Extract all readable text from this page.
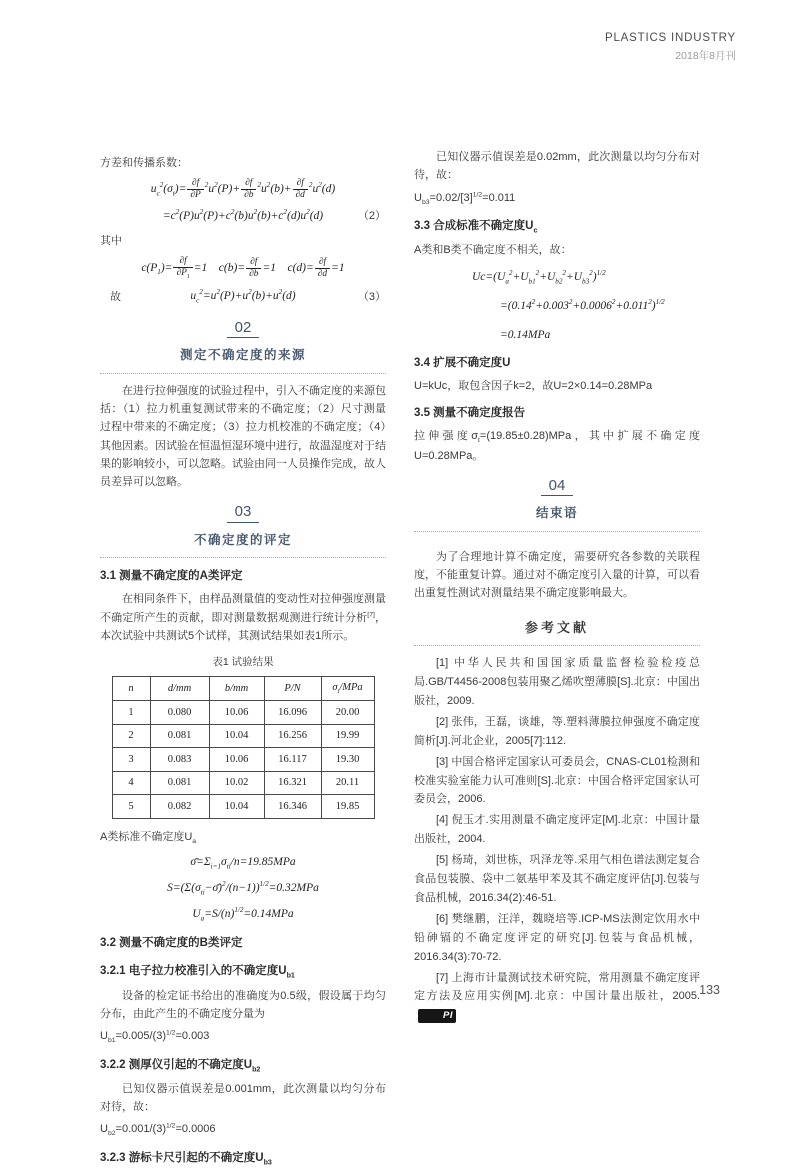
PLASTICS INDUSTRY
2018年8月刊

方差和传播系数：

$u_c^2(\sigma_t)= \frac{\partial f}{\partial P} ^2u^2(P)+ \frac{\partial f}{\partial b} ^2u^2(b)+ \frac{\partial f}{\partial d} ^2u^2(d)$
$=c^2(P)u^2(P)+c^2(b)u^2(b)+c^2(d)u^2(d)$	（2）

其中

$c(P_1)= \frac{\partial f}{\partial P_1} =1$　$c(b)= \frac{\partial f}{\partial b} =1$　$c(d)= \frac{\partial f}{\partial d} =1$
故	$u_c^2=u^2(P)+u^2(b)+u^2(d)$	（3）
02
测定不确定度的来源

在进行拉伸强度的试验过程中，引入不确定度的来源包括：（1）拉力机重复测试带来的不确定度；（2）尺寸测量过程中带来的不确定度；（3）拉力机校准的不确定度；（4）其他因素。因试验在恒温恒湿环境中进行，故温湿度对于结果的影响较小，可以忽略。试验由同一人员操作完成，故人员差异可以忽略。

03
不确定度的评定

3.1 测量不确定度的A类评定

在相同条件下，由样品测量值的变动性对拉伸强度测量不确定所产生的贡献，即对测量数据观测进行统计分析[7]，本次试验中共测试5个试样，其测试结果如表1所示。

表1 试验结果
n	d/mm	b/mm	P/N	$\sigma_t$/MPa
1	0.080	10.06	16.096	20.00
2	0.081	10.04	16.256	19.99
3	0.083	10.06	16.117	19.30
4	0.081	10.02	16.321	20.11
5	0.082	10.04	16.346	19.85

A类标准不确定度$U_a$

$\sigmā=\Sigma_{i=1}\sigma_{ti}/n=19.85MPa$
$S=(\Sigma(\sigma_{ti}-\sigmā)^2/(n-1))^{1/2}=0.32MPa$
$U_a=S/(n)^{1/2}=0.14MPa$

3.2 测量不确定度的B类评定

3.2.1 电子拉力校准引入的不确定度$U_{b1}$

设备的检定证书给出的准确度为0.5级，假设属于均匀分布，由此产生的不确定度分量为

$U_{b1}=0.005/(3)^{1/2}=0.003$

3.2.2 测厚仪引起的不确定度$U_{b2}$

已知仪器示值误差是0.001mm，此次测量以均匀分布对待，故：

$U_{b2}=0.001/(3)^{1/2}=0.0006$

3.2.3 游标卡尺引起的不确定度$U_{b3}$

已知仪器示值误差是0.02mm，此次测量以均匀分布对待，故：

$U_{b3}=0.02/[3]^{1/2}=0.011$

3.3 合成标准不确定度$U_c$

A类和B类不确定度不相关，故：

$Uc=(U_a^2+U_{b1}^2+U_{b2}^2+U_{b3}^2)^{1/2}$

$=(0.14^2+0.003^2+0.0006^2+0.011^2)^{1/2}$

=0.14MPa

3.4 扩展不确定度U

U=kUc，取包含因子k=2，故U=2×0.14=0.28MPa

3.5 测量不确定度报告

拉伸强度$\sigma_t=(19.85\pm 0.28)MPa$，其中扩展不确定度U=0.28MPa。

04
结束语

为了合理地计算不确定度，需要研究各参数的关联程度，不能重复计算。通过对不确定度引入量的计算，可以看出重复性测试对测量结果不确定度影响最大。

参考文献

[1] 中华人民共和国国家质量监督检验检疫总局.GB/T4456-2008包装用聚乙烯吹塑薄膜[S].北京：中国出版社，2009.

[2] 张伟，王磊，谈雄，等.塑料薄膜拉伸强度不确定度简析[J].河北企业，2005[7]:112.

[3] 中国合格评定国家认可委员会，CNAS-CL01检测和校准实验室能力认可准则[S].北京：中国合格评定国家认可委员会，2006.

[4] 倪玉才.实用测量不确定度评定[M].北京：中国计量出版社，2004.

[5] 杨琦，刘世栋，巩泽龙等.采用气相色谱法测定复合食品包装膜、袋中二氨基甲苯及其不确定度评估[J].包装与食品机械，2016.34(2):46-51.

[6] 樊继鹏，汪洋，魏晓培等.ICP-MS法测定饮用水中铅砷镉的不确定度评定的研究[J].包装与食品机械，2016.34(3):70-72.

[7] 上海市计量测试技术研究院，常用测量不确定度评定方法及应用实例[M].北京：中国计量出版社，2005.PI

133
